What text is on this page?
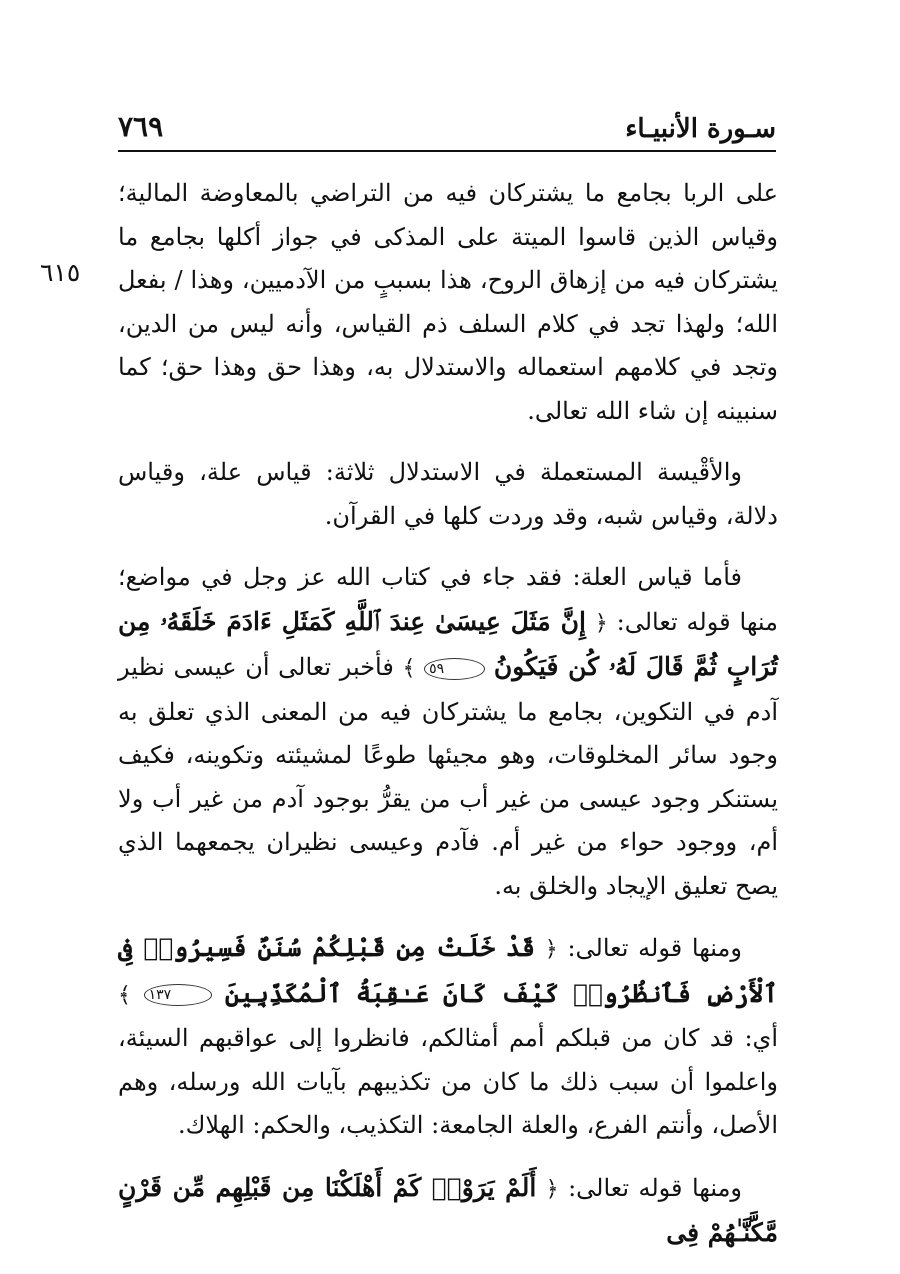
سـورة الأنبيـاء
٧٦٩
٦١٥

على الربا بجامع ما يشتركان فيه من التراضي بالمعاوضة المالية؛ وقياس الذين قاسوا الميتة على المذكى في جواز أكلها بجامع ما يشتركان فيه من إزهاق الروح، هذا بسببٍ من الآدميين، وهذا / بفعل الله؛ ولهذا تجد في كلام السلف ذم القياس، وأنه ليس من الدين، وتجد في كلامهم استعماله والاستدلال به، وهذا حق وهذا حق؛ كما سنبينه إن شاء الله تعالى.

والأقْيسة المستعملة في الاستدلال ثلاثة: قياس علة، وقياس دلالة، وقياس شبه، وقد وردت كلها في القرآن.

فأما قياس العلة: فقد جاء في كتاب الله عز وجل في مواضع؛ منها قوله تعالى: ﴿ إِنَّ مَثَلَ عِيسَىٰ عِندَ ٱللَّهِ كَمَثَلِ ءَادَمَ خَلَقَهُۥ مِن تُرَابٍ ثُمَّ قَالَ لَهُۥ كُن فَيَكُونُ ٥٩ ﴾ فأخبر تعالى أن عيسى نظير آدم في التكوين، بجامع ما يشتركان فيه من المعنى الذي تعلق به وجود سائر المخلوقات، وهو مجيئها طوعًا لمشيئته وتكوينه، فكيف يستنكر وجود عيسى من غير أب من يقرُّ بوجود آدم من غير أب ولا أم، ووجود حواء من غير أم. فآدم وعيسى نظيران يجمعهما الذي يصح تعليق الإيجاد والخلق به.

ومنها قوله تعالى: ﴿ قَدْ خَلَتْ مِن قَبْلِكُمْ سُنَنٌ فَسِيرُوا۟ فِى ٱلْأَرْضِ فَٱنظُرُوا۟ كَيْفَ كَانَ عَـٰقِبَةُ ٱلْمُكَذِّبِينَ ١٣٧ ﴾ أي: قد كان من قبلكم أمم أمثالكم، فانظروا إلى عواقبهم السيئة، واعلموا أن سبب ذلك ما كان من تكذيبهم بآيات الله ورسله، وهم الأصل، وأنتم الفرع، والعلة الجامعة: التكذيب، والحكم: الهلاك.

ومنها قوله تعالى: ﴿ أَلَمْ يَرَوْا۟ كَمْ أَهْلَكْنَا مِن قَبْلِهِم مِّن قَرْنٍ مَّكَّنَّـٰهُمْ فِى
